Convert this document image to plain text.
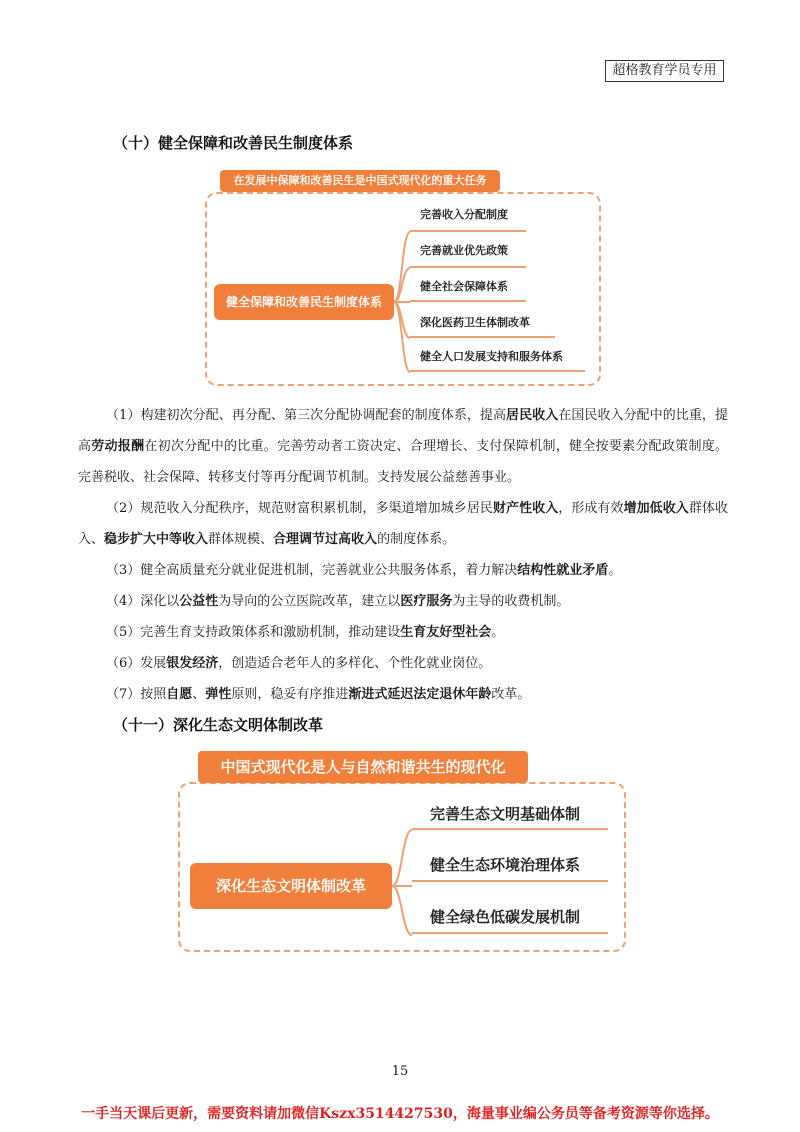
超格教育学员专用
（十）健全保障和改善民生制度体系
在发展中保障和改善民生是中国式现代化的重大任务
健全保障和改善民生制度体系
完善收入分配制度
完善就业优先政策
健全社会保障体系
深化医药卫生体制改革
健全人口发展支持和服务体系

（1）构建初次分配、再分配、第三次分配协调配套的制度体系，提高居民收入在国民收入分配中的比重，提高劳动报酬在初次分配中的比重。完善劳动者工资决定、合理增长、支付保障机制，健全按要素分配政策制度。完善税收、社会保障、转移支付等再分配调节机制。支持发展公益慈善事业。

（2）规范收入分配秩序，规范财富积累机制，多渠道增加城乡居民财产性收入，形成有效增加低收入群体收入、稳步扩大中等收入群体规模、合理调节过高收入的制度体系。

（3）健全高质量充分就业促进机制，完善就业公共服务体系，着力解决结构性就业矛盾。

（4）深化以公益性为导向的公立医院改革，建立以医疗服务为主导的收费机制。

（5）完善生育支持政策体系和激励机制，推动建设生育友好型社会。

（6）发展银发经济，创造适合老年人的多样化、个性化就业岗位。

（7）按照自愿、弹性原则，稳妥有序推进渐进式延迟法定退休年龄改革。

（十一）深化生态文明体制改革
中国式现代化是人与自然和谐共生的现代化
深化生态文明体制改革
完善生态文明基础体制
健全生态环境治理体系
健全绿色低碳发展机制
15
一手当天课后更新，需要资料请加微信Kszx3514427530，海量事业编公务员等备考资源等你选择。
